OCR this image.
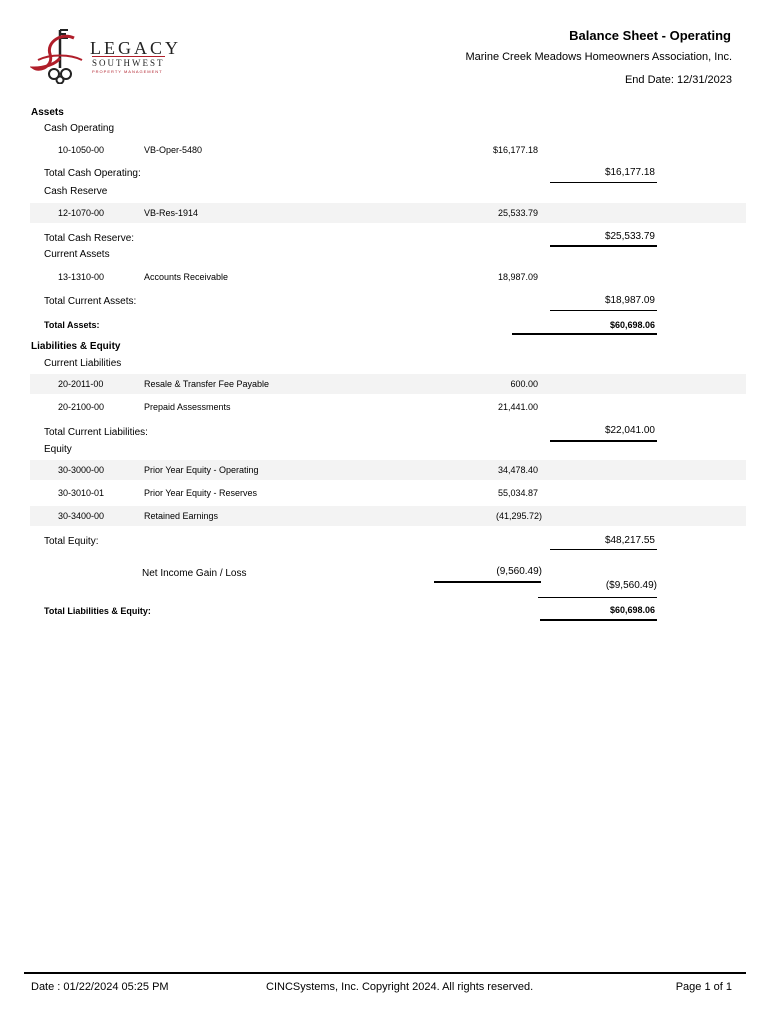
LEGACY
SOUTHWEST
PROPERTY MANAGEMENT
Balance Sheet - Operating
Marine Creek Meadows Homeowners Association, Inc.
End Date: 12/31/2023
Assets
Cash Operating
10-1050-00	VB-Oper-5480	$16,177.18
Total Cash Operating:	$16,177.18
Cash Reserve
12-1070-00	VB-Res-1914	25,533.79
Total Cash Reserve:	$25,533.79
Current Assets
13-1310-00	Accounts Receivable	18,987.09
Total Current Assets:	$18,987.09
Total Assets:	$60,698.06
Liabilities & Equity
Current Liabilities
20-2011-00	Resale & Transfer Fee Payable	600.00
20-2100-00	Prepaid Assessments	21,441.00
Total Current Liabilities:	$22,041.00
Equity
30-3000-00	Prior Year Equity - Operating	34,478.40
30-3010-01	Prior Year Equity - Reserves	55,034.87
30-3400-00	Retained Earnings	(41,295.72)
Total Equity:	$48,217.55
Net Income Gain / Loss	(9,560.49)
($9,560.49)
Total Liabilities & Equity:	$60,698.06
Date : 01/22/2024 05:25 PM	CINCSystems, Inc. Copyright 2024. All rights reserved.	Page 1 of 1
